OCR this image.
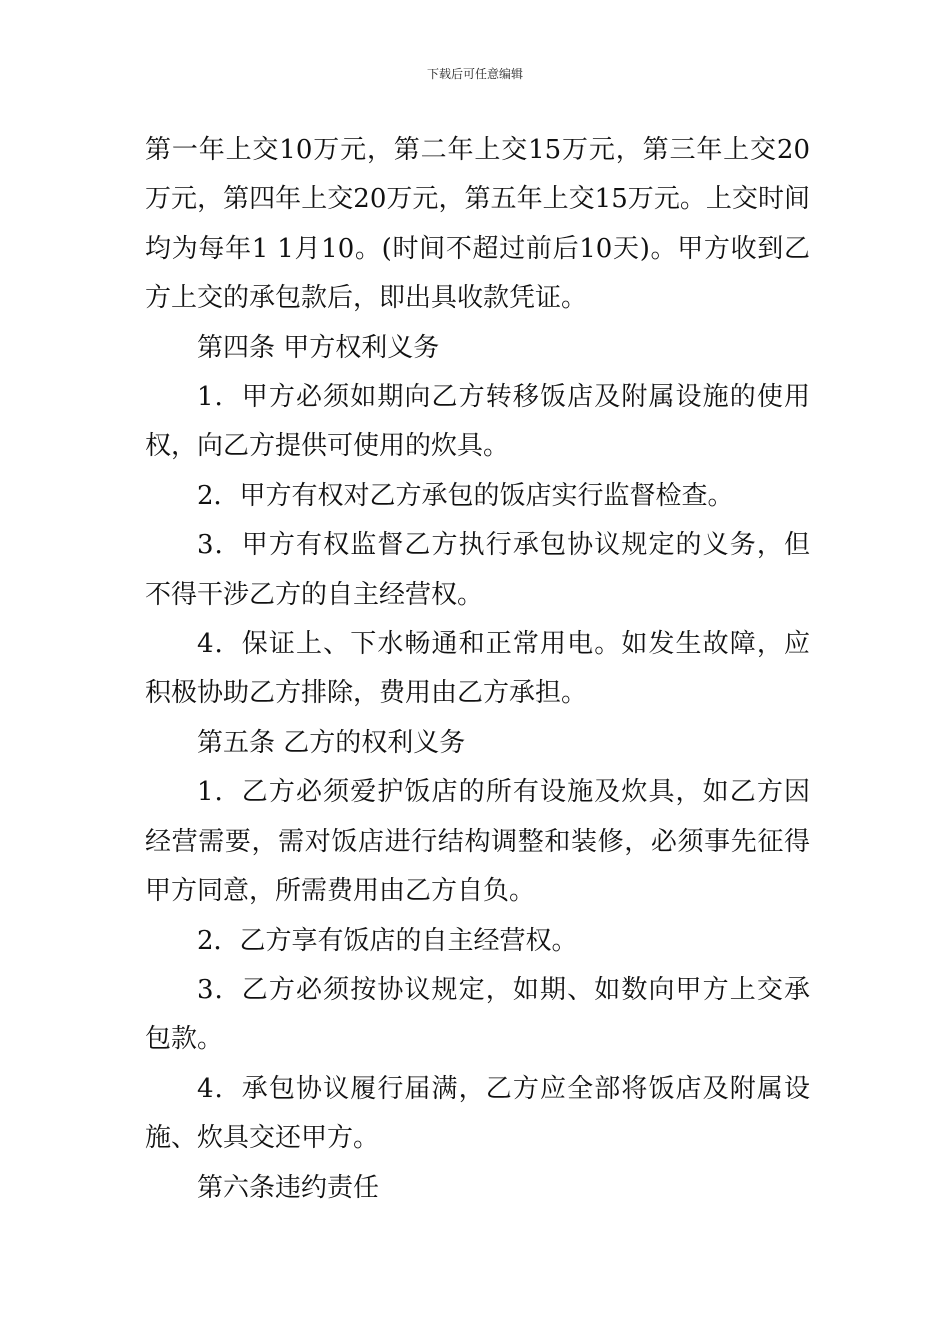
下载后可任意编辑

第一年上交10万元，第二年上交15万元，第三年上交20万元，第四年上交20万元，第五年上交15万元。上交时间均为每年1 1月10。(时间不超过前后10天)。甲方收到乙方上交的承包款后，即出具收款凭证。

第四条 甲方权利义务

1．甲方必须如期向乙方转移饭店及附属设施的使用权，向乙方提供可使用的炊具。

2．甲方有权对乙方承包的饭店实行监督检查。

3．甲方有权监督乙方执行承包协议规定的义务，但不得干涉乙方的自主经营权。

4．保证上、下水畅通和正常用电。如发生故障，应积极协助乙方排除，费用由乙方承担。

第五条 乙方的权利义务

1．乙方必须爱护饭店的所有设施及炊具，如乙方因经营需要，需对饭店进行结构调整和装修，必须事先征得甲方同意，所需费用由乙方自负。

2．乙方享有饭店的自主经营权。

3．乙方必须按协议规定，如期、如数向甲方上交承包款。

4．承包协议履行届满，乙方应全部将饭店及附属设施、炊具交还甲方。

第六条违约责任
